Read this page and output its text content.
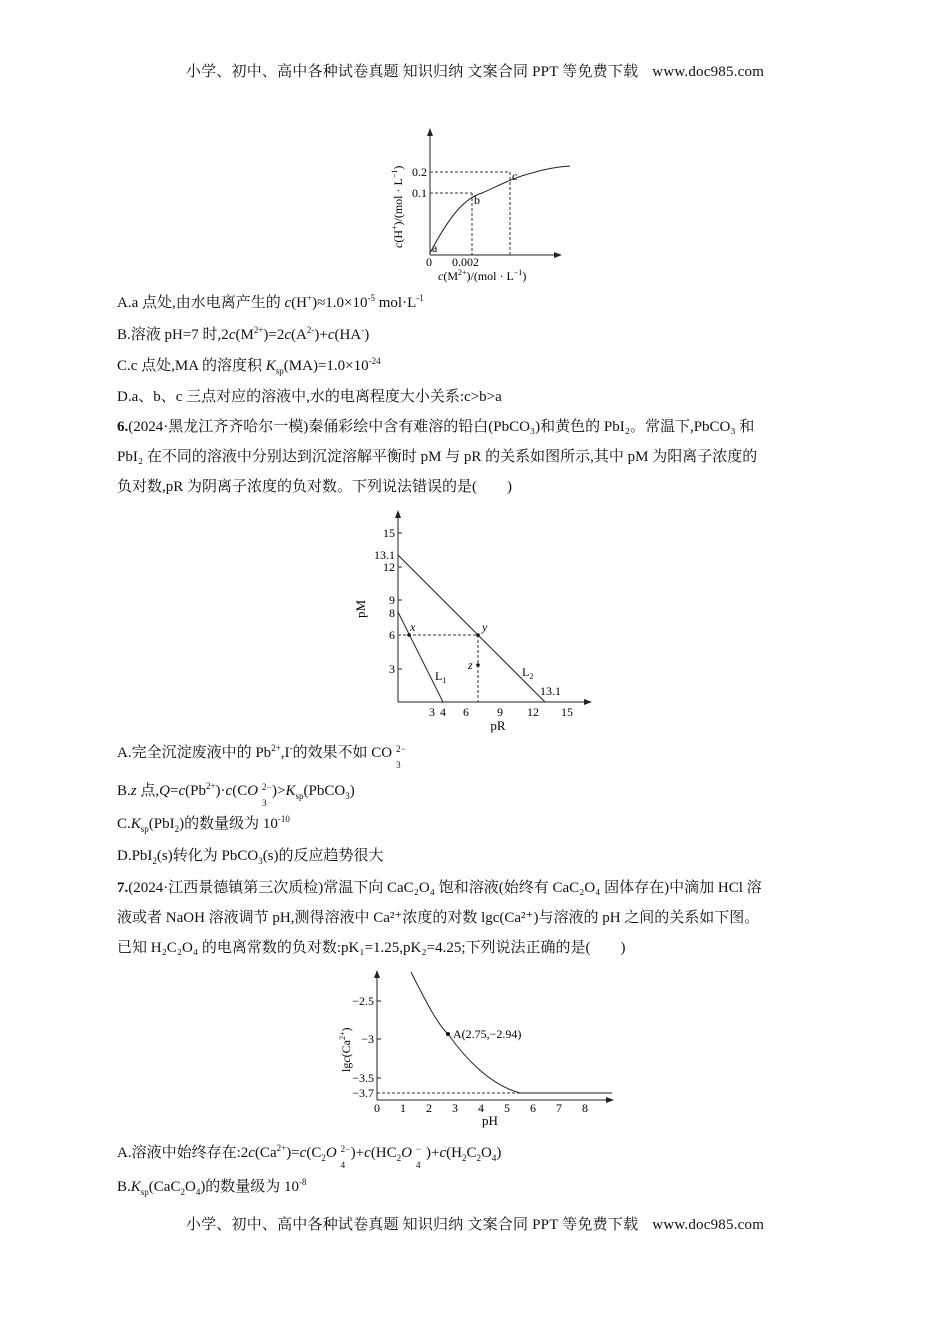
小学、初中、高中各种试卷真题 知识归纳 文案合同 PPT 等免费下载 www.doc985.com
0.2
0.1	b
c
a
0 0.002
$c(M^{2+})/(mol \cdot L^{-1})$
$c(H^+)/(mol \cdot L^{-1})$
A.a 点处,由水电离产生的 $c(H^+)\approx 1.0\times 10^{-5}$ $mol\cdot L^{-1}$
B.溶液 pH=7 时$,2c(M^{2+})=2c(A^{2-})+c(HA^-)$
C.c 点处,MA 的溶度积 $K_{sp}(MA)=1.0\times 10^{-24}$
D.a、b、c 三点对应的溶液中,水的电离程度大小关系:c>b>a
6.(2024·黑龙江齐齐哈尔一模)秦俑彩绘中含有难溶的铅白(PbCO₃)和黄色的 PbI₂。常温下,PbCO₃ 和
PbI₂ 在不同的溶液中分别达到沉淀溶解平衡时 pM 与 pR 的关系如图所示,其中 pM 为阳离子浓度的
负对数,pR 为阴离子浓度的负对数。下列说法错误的是(　　)
15
13.1
12
9
8
6
3
3 4 6 9 12 15
pR
pM
x	y
z
$L_1$
$L_2$
13.1
A.完全沉淀废液中的 $Pb^{2+},I^-$的效果不如 CO 2−
3
B.z 点$,Q=c(Pb^{2+})\cdot c(CO$ 2−
3
)$>K_{sp}(PbCO_3)$
$C.K_{sp}(PbI_2)$的数量级为 $10^{-10}$
D.PbI$_2$(s)转化为 PbCO$_3$(s)的反应趋势很大
7.(2024·江西景德镇第三次质检)常温下向 CaC₂O₄ 饱和溶液(始终有 CaC₂O₄ 固体存在)中滴加 HCl 溶
液或者 NaOH 溶液调节 pH,测得溶液中 Ca²⁺浓度的对数 lgc(Ca²⁺)与溶液的 pH 之间的关系如下图。
已知 H₂C₂O₄ 的电离常数的负对数:pK₁=1.25,pK₂=4.25;下列说法正确的是(　　)
−2.5
−3
−3.5
−3.7
0 1 2 3 4 5 6 7 8
pH
$\lg c(Ca^{2+})$	A(2.75,−2.94)
A.溶液中始终存在$:2c(Ca^{2+})=c(C_2O$ 2−
4
)$+c(HC_2O$ −
4
)$+c(H_2C_2O_4)$
$B.K_{sp}(CaC_2O_4)$的数量级为 $10^{-8}$
小学、初中、高中各种试卷真题 知识归纳 文案合同 PPT 等免费下载 www.doc985.com
